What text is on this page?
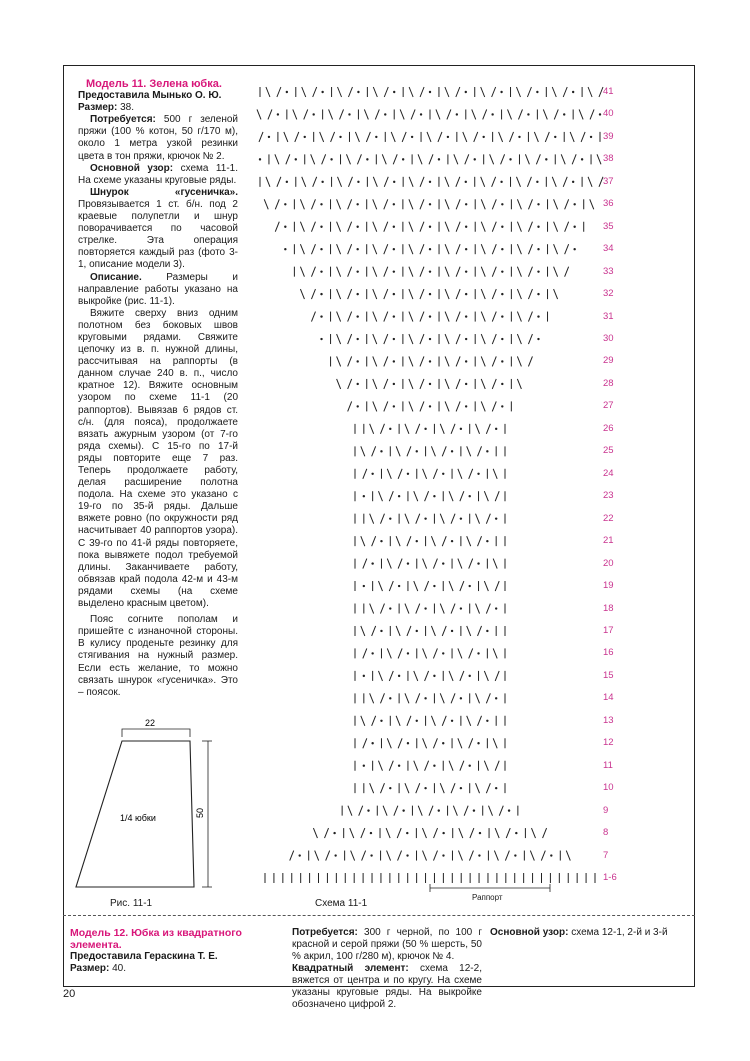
Модель 11. Зелена юбка.

Предоставила Мынько О. Ю.

Размер: 38.

Потребуется: 500 г зеленой пряжи (100 % котон, 50 г/170 м), около 1 метра узкой резинки цвета в тон пряжи, крючок № 2.

Основной узор: схема 11-1. На схеме указаны круговые ряды.

Шнурок «гусеничка». Провязывается 1 ст. б/н. под 2 краевые полупетли и шнур поворачивается по часовой стрелке. Эта операция повторяется каждый раз (фото 3-1, описание модели 3).

Описание. Размеры и направление работы указано на выкройке (рис. 11-1).

Вяжите сверху вниз одним полотном без боковых швов круговыми рядами. Свяжите цепочку из в. п. нужной длины, рассчитывая на раппорты (в данном случае 240 в. п., число кратное 12). Вяжите основным узором по схеме 11-1 (20 раппортов). Вывязав 6 рядов ст. с/н. (для пояса), продолжаете вязать ажурным узором (от 7-го ряда схемы). С 15-го по 17-й ряды повторите еще 7 раз. Теперь продолжаете работу, делая расширение полотна подола. На схеме это указано с 19-го по 35-й ряды. Дальше вяжете ровно (по окружности ряд насчитывает 40 раппортов узора). С 39-го по 41-й ряды повторяете, пока вывяжете подол требуемой длины. Заканчиваете работу, обвязав край подола 42-м и 43-м рядами схемы (на схеме выделено красным цветом).

Пояс согните пополам и пришейте с изнаночной стороны. В кулису проденьте резинку для стягивания на нужный размер. Если есть желание, то можно связать шнурок «гусеничка». Это – поясок.

22
50
1/4 юбки
Рис. 11-1
41
40
39
38
37
36
35
34
33
32
31
30
29
28
27
26
25
24
23
22
21
20
19
18
17
16
15
14
13
12
11
10
9
8
7
1-6
Раппорт
Схема 11-1
Модель 12. Юбка из квадратного элемента.

Предоставила Гераскина Т. Е.

Размер: 40.

Потребуется: 300 г черной, по 100 г красной и серой пряжи (50 % шерсть, 50 % акрил, 100 г/280 м), крючок № 4.

Квадратный элемент: схема 12-2, вяжется от центра и по кругу. На схеме указаны круговые ряды. На выкройке обозначено цифрой 2.

Основной узор: схема 12-1, 2-й и 3-й

20
